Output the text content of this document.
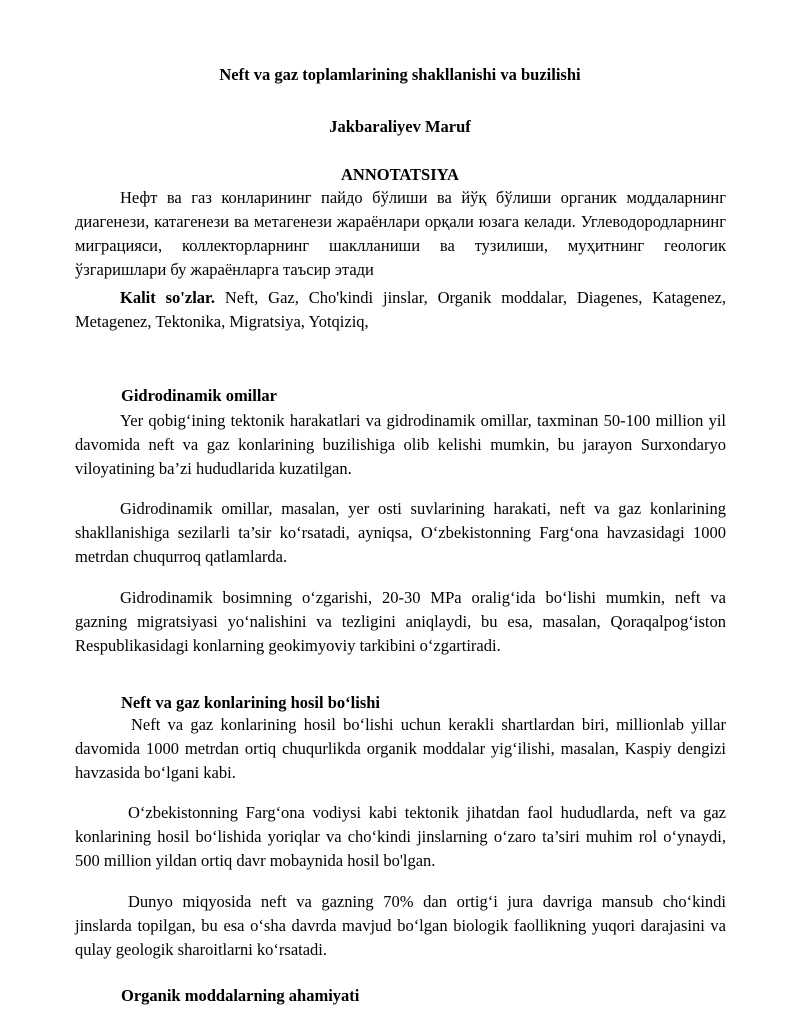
Neft va gaz toplamlarining shakllanishi va buzilishi
Jakbaraliyev Maruf
ANNOTATSIYA
Нефт ва газ конларининг пайдо бўлиши ва йўқ бўлиши органик моддаларнинг диагенези, катагенези ва метагенези жараёнлари орқали юзага келади. Углеводородларнинг миграцияси, коллекторларнинг шаклланиши ва тузилиши, муҳитнинг геологик ўзгаришлари бу жараёнларга таъсир этади
Kalit so'zlar. Neft, Gaz, Cho'kindi jinslar, Organik moddalar, Diagenes, Katagenez, Metagenez, Tektonika, Migratsiya, Yotqiziq,
Gidrodinamik omillar
Yer qobig‘ining tektonik harakatlari va gidrodinamik omillar, taxminan 50-100 million yil davomida neft va gaz konlarining buzilishiga olib kelishi mumkin, bu jarayon Surxondaryo viloyatining ba’zi hududlarida kuzatilgan.
Gidrodinamik omillar, masalan, yer osti suvlarining harakati, neft va gaz konlarining shakllanishiga sezilarli ta’sir ko‘rsatadi, ayniqsa, O‘zbekistonning Farg‘ona havzasidagi 1000 metrdan chuqurroq qatlamlarda.
Gidrodinamik bosimning o‘zgarishi, 20-30 MPa oralig‘ida bo‘lishi mumkin, neft va gazning migratsiyasi yo‘nalishini va tezligini aniqlaydi, bu esa, masalan, Qoraqalpog‘iston Respublikasidagi konlarning geokimyoviy tarkibini o‘zgartiradi.
Neft va gaz konlarining hosil bo‘lishi
Neft va gaz konlarining hosil bo‘lishi uchun kerakli shartlardan biri, millionlab yillar davomida 1000 metrdan ortiq chuqurlikda organik moddalar yig‘ilishi, masalan, Kaspiy dengizi havzasida bo‘lgani kabi.
O‘zbekistonning Farg‘ona vodiysi kabi tektonik jihatdan faol hududlarda, neft va gaz konlarining hosil bo‘lishida yoriqlar va cho‘kindi jinslarning o‘zaro ta’siri muhim rol o‘ynaydi, 500 million yildan ortiq davr mobaynida hosil bo'lgan.
Dunyo miqyosida neft va gazning 70% dan ortig‘i jura davriga mansub cho‘kindi jinslarda topilgan, bu esa o‘sha davrda mavjud bo‘lgan biologik faollikning yuqori darajasini va qulay geologik sharoitlarni ko‘rsatadi.
Organik moddalarning ahamiyati
